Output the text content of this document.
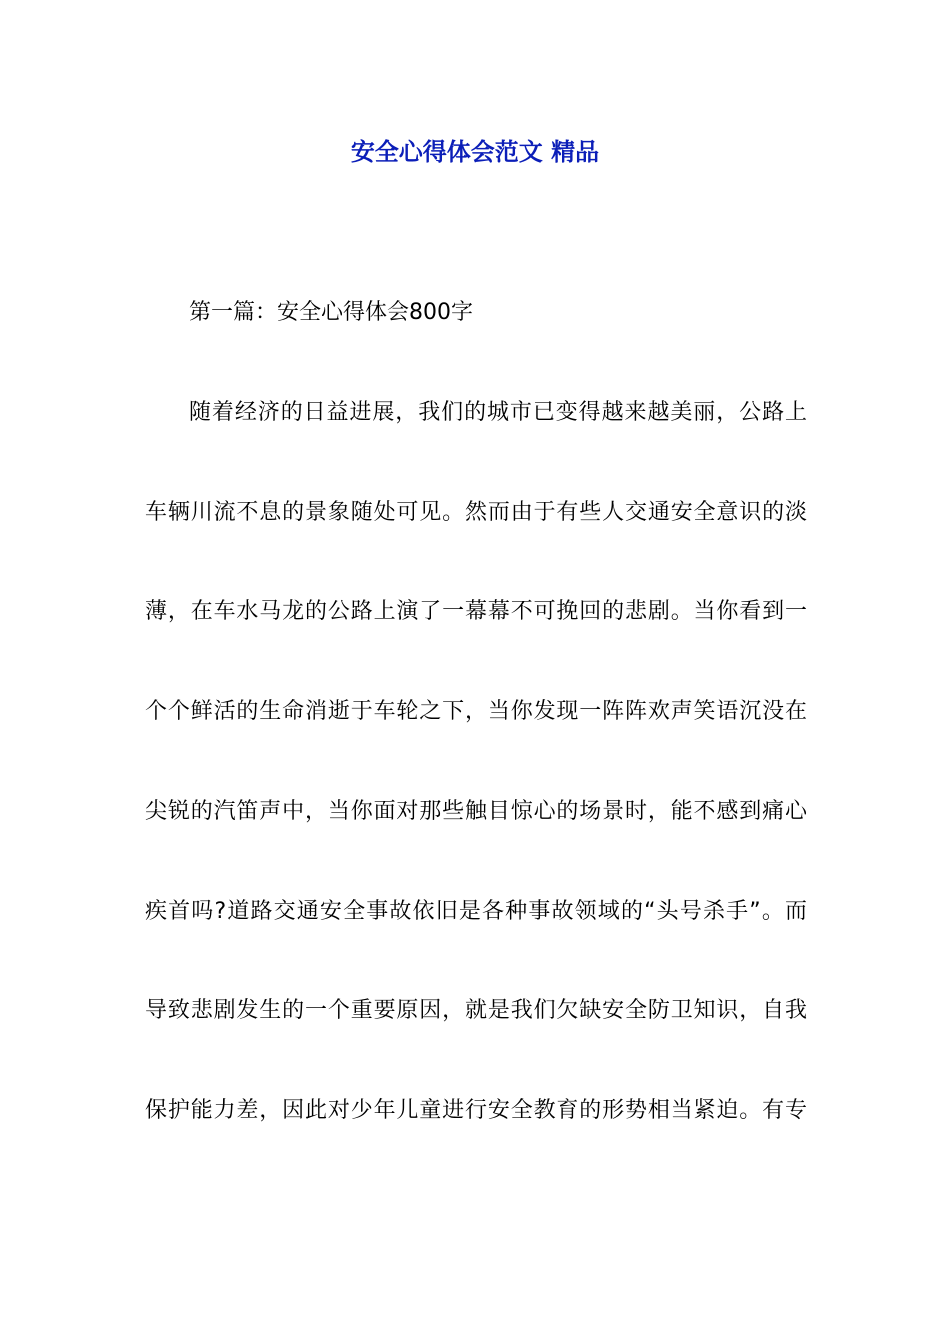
安全心得体会范文 精品
第一篇：安全心得体会800字
随着经济的日益进展，我们的城市已变得越来越美丽，公路上
车辆川流不息的景象随处可见。然而由于有些人交通安全意识的淡
薄，在车水马龙的公路上演了一幕幕不可挽回的悲剧。当你看到一
个个鲜活的生命消逝于车轮之下，当你发现一阵阵欢声笑语沉没在
尖锐的汽笛声中，当你面对那些触目惊心的场景时，能不感到痛心
疾首吗?道路交通安全事故依旧是各种事故领域的“头号杀手”。而
导致悲剧发生的一个重要原因，就是我们欠缺安全防卫知识，自我
保护能力差，因此对少年儿童进行安全教育的形势相当紧迫。有专
